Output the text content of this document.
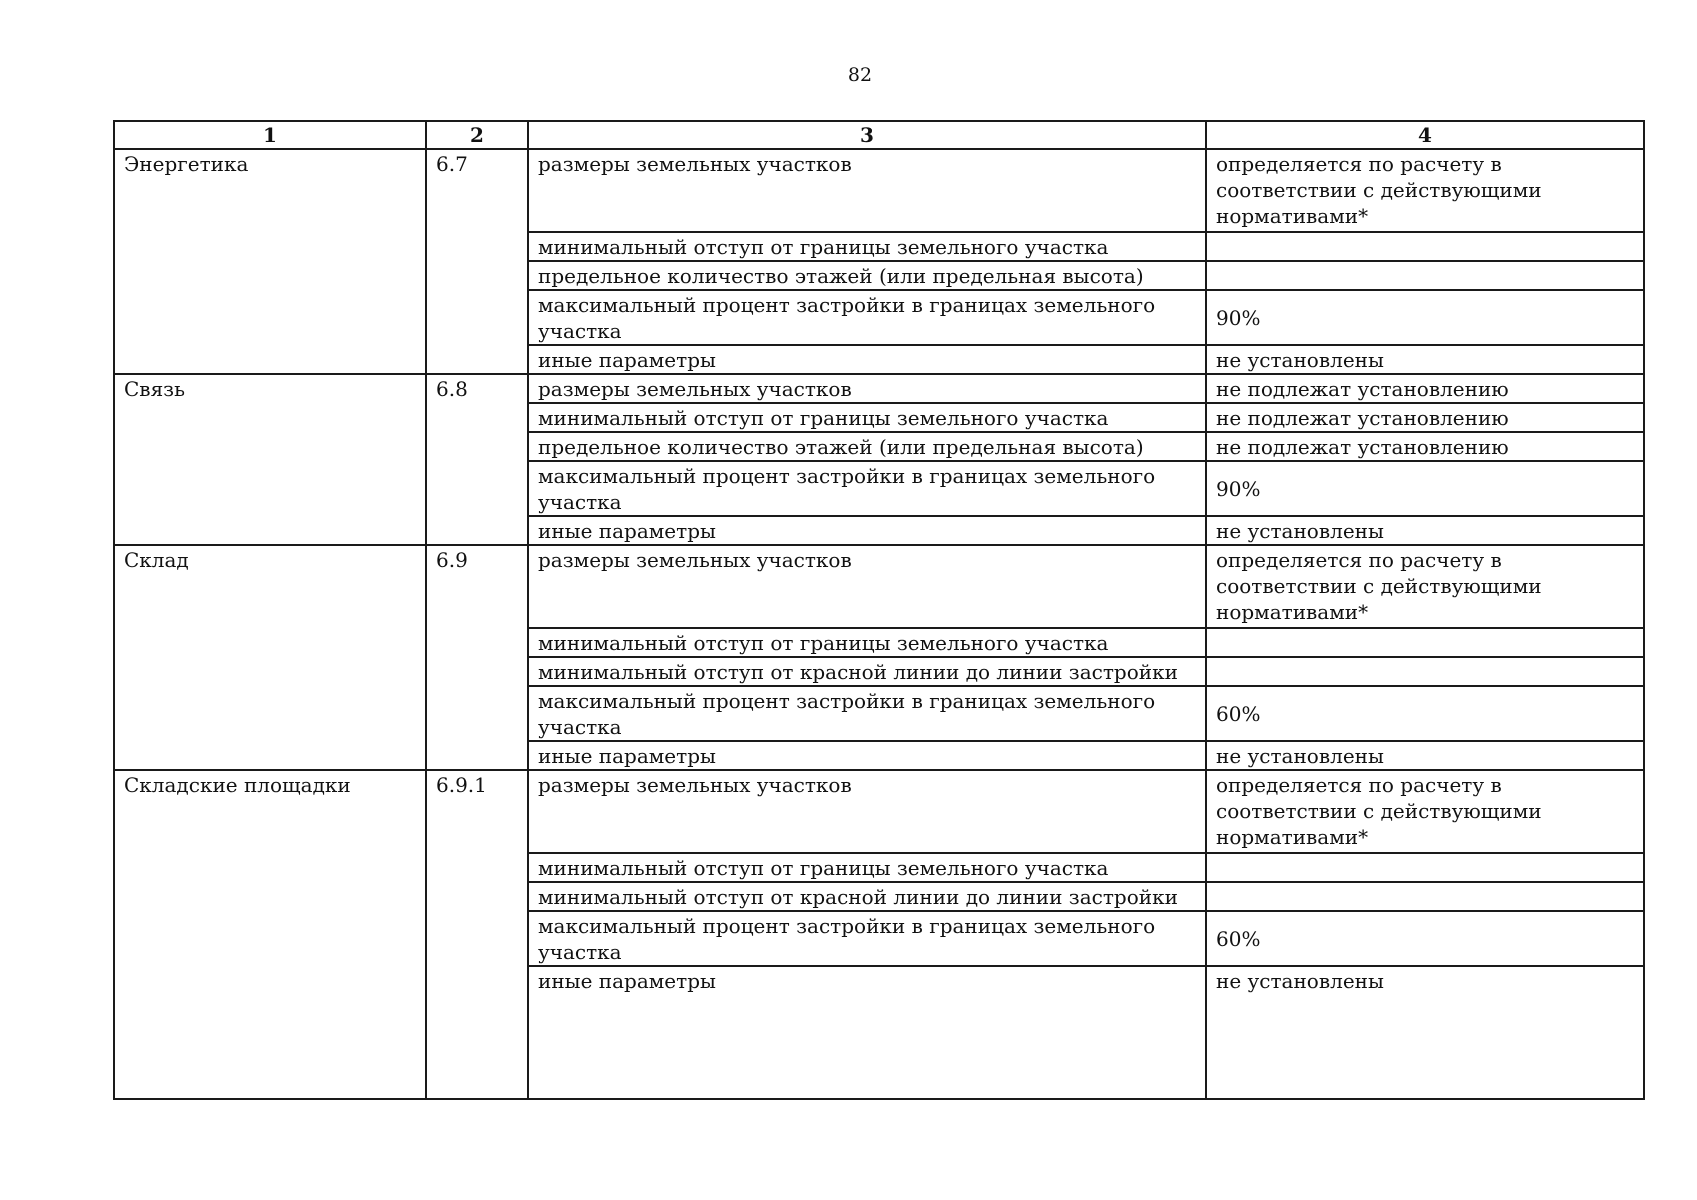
82
1	2	3	4
Энергетика	6.7	размеры земельных участков	определяется по расчету в соответствии с действующими нормативами*
		минимальный отступ от границы земельного участка	
		предельное количество этажей (или предельная высота)	
		максимальный процент застройки в границах земельного участка	90%
		иные параметры	не установлены
Связь	6.8	размеры земельных участков	не подлежат установлению
		минимальный отступ от границы земельного участка	не подлежат установлению
		предельное количество этажей (или предельная высота)	не подлежат установлению
		максимальный процент застройки в границах земельного участка	90%
		иные параметры	не установлены
Склад	6.9	размеры земельных участков	определяется по расчету в соответствии с действующими нормативами*
		минимальный отступ от границы земельного участка	
		минимальный отступ от красной линии до линии застройки	
		максимальный процент застройки в границах земельного участка	60%
		иные параметры	не установлены
Складские площадки	6.9.1	размеры земельных участков	определяется по расчету в соответствии с действующими нормативами*
		минимальный отступ от границы земельного участка	
		минимальный отступ от красной линии до линии застройки	
		максимальный процент застройки в границах земельного участка	60%
		иные параметры	не установлены
